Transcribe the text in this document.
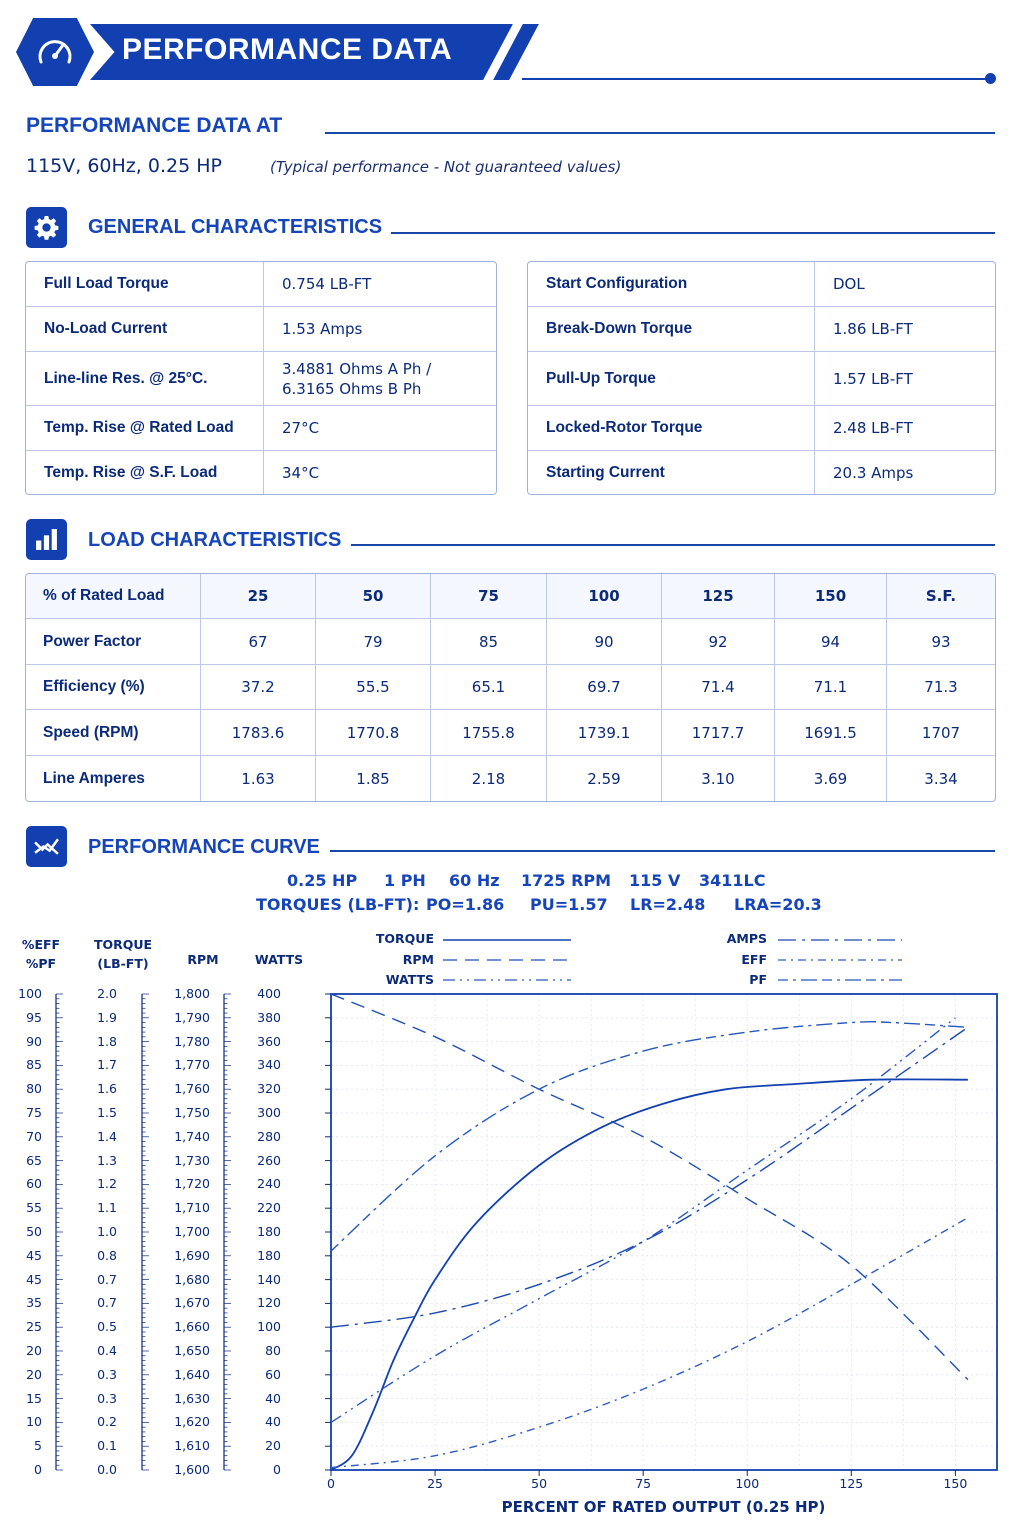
PERFORMANCE DATA
PERFORMANCE DATA AT
115V, 60Hz, 0.25 HP	(Typical performance - Not guaranteed values)
GENERAL CHARACTERISTICS
Full Load Torque	0.754 LB-FT
No-Load Current	1.53 Amps
Line-line Res. @ 25°C.	3.4881 Ohms A Ph /
6.3165 Ohms B Ph

Temp. Rise @ Rated Load	27°C
Temp. Rise @ S.F. Load	34°C
Start Configuration	DOL
Break-Down Torque	1.86 LB-FT
Pull-Up Torque	1.57 LB-FT
Locked-Rotor Torque	2.48 LB-FT
Starting Current	20.3 Amps
LOAD CHARACTERISTICS
% of Rated Load	25	50	75	100	125	150	S.F.
Power Factor	67	79	85	90	92	94	93
Efficiency (%)	37.2	55.5	65.1	69.7	71.4	71.1	71.3
Speed (RPM)	1783.6	1770.8	1755.8	1739.1	1717.7	1691.5	1707
Line Amperes	1.63	1.85	2.18	2.59	3.10	3.69	3.34
PERFORMANCE CURVE
0.25 HP 1 PH 60 Hz 1725 RPM 115 V 3411LC
TORQUES (LB-FT): PO=1.86 PU=1.57 LR=2.48 LRA=20.3
%EFF
%PF
TORQUE
(LB-FT)	RPM	WATTS
TORQUE
RPM
WATTS
AMPS
EFF
PF
100
95
90
85
80
75
70
65
60
55
50
45
45
35
25
20
20
15
10
5
0
2.0
1.9
1.8
1.7
1.6
1.5
1.4
1.3
1.2
1.1
1.0
0.8
0.7
0.7
0.5
0.4
0.3
0.3
0.2
0.1
0.0
1,800
1,790
1,780
1,770
1,760
1,750
1,740
1,730
1,720
1,710
1,700
1,690
1,680
1,670
1,660
1,650
1,640
1,630
1,620
1,610
1,600
400
380
360
340
320
300
280
260
240
220
180
180
140
120
100
80
60
40
40
20
0
0	25	50	75	100	125	150
PERCENT OF RATED OUTPUT (0.25 HP)
